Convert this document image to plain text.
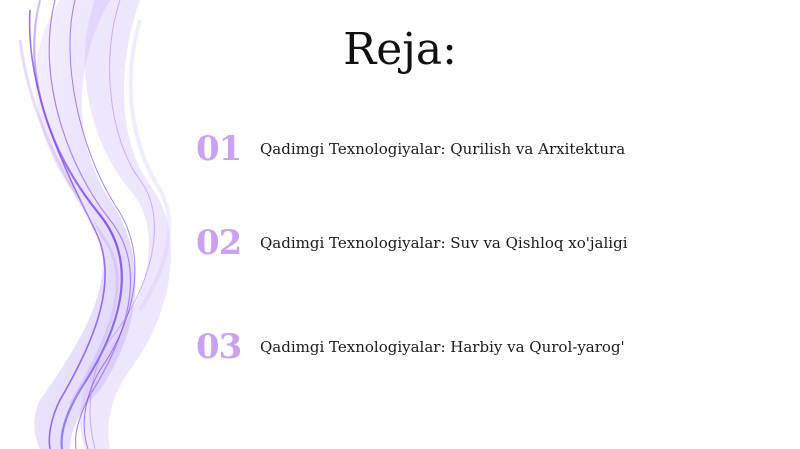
Reja:
01	Qadimgi Texnologiyalar: Qurilish va Arxitektura
02	Qadimgi Texnologiyalar: Suv va Qishloq xo'jaligi
03	Qadimgi Texnologiyalar: Harbiy va Qurol-yarog'
